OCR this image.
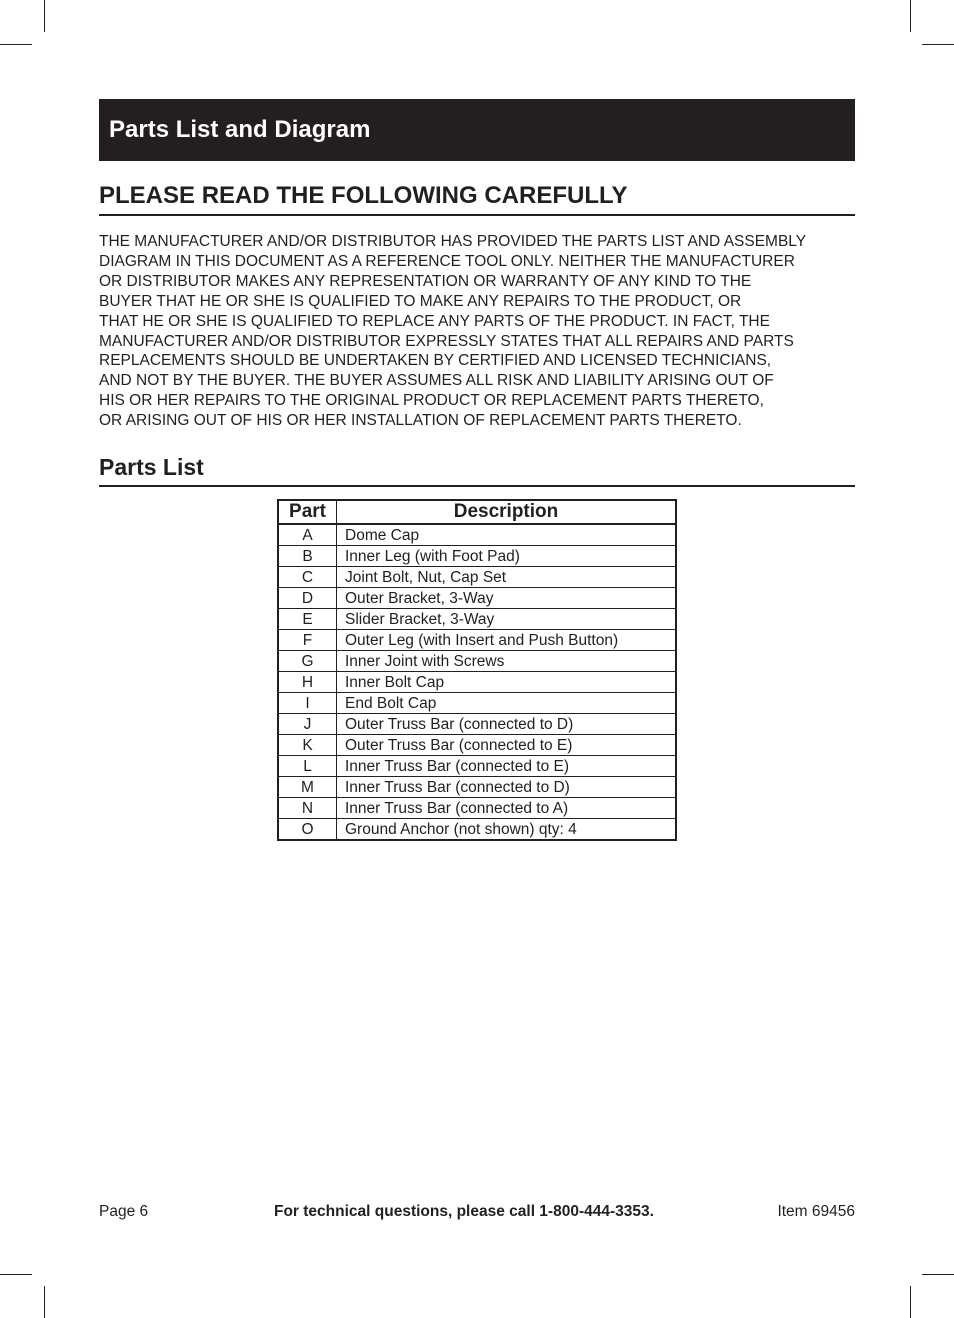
Parts List and Diagram
PLEASE READ THE FOLLOWING CAREFULLY

THE MANUFACTURER AND/OR DISTRIBUTOR HAS PROVIDED THE PARTS LIST AND ASSEMBLY
DIAGRAM IN THIS DOCUMENT AS A REFERENCE TOOL ONLY. NEITHER THE MANUFACTURER
OR DISTRIBUTOR MAKES ANY REPRESENTATION OR WARRANTY OF ANY KIND TO THE
BUYER THAT HE OR SHE IS QUALIFIED TO MAKE ANY REPAIRS TO THE PRODUCT, OR
THAT HE OR SHE IS QUALIFIED TO REPLACE ANY PARTS OF THE PRODUCT. IN FACT, THE
MANUFACTURER AND/OR DISTRIBUTOR EXPRESSLY STATES THAT ALL REPAIRS AND PARTS
REPLACEMENTS SHOULD BE UNDERTAKEN BY CERTIFIED AND LICENSED TECHNICIANS,
AND NOT BY THE BUYER. THE BUYER ASSUMES ALL RISK AND LIABILITY ARISING OUT OF
HIS OR HER REPAIRS TO THE ORIGINAL PRODUCT OR REPLACEMENT PARTS THERETO,
OR ARISING OUT OF HIS OR HER INSTALLATION OF REPLACEMENT PARTS THERETO.

Parts List
Part	Description
A	Dome Cap
B	Inner Leg (with Foot Pad)
C	Joint Bolt, Nut, Cap Set
D	Outer Bracket, 3-Way
E	Slider Bracket, 3-Way
F	Outer Leg (with Insert and Push Button)
G	Inner Joint with Screws
H	Inner Bolt Cap
I	End Bolt Cap
J	Outer Truss Bar (connected to D)
K	Outer Truss Bar (connected to E)
L	Inner Truss Bar (connected to E)
M	Inner Truss Bar (connected to D)
N	Inner Truss Bar (connected to A)
O	Ground Anchor (not shown) qty: 4
Page 6	For technical questions, please call 1-800-444-3353.	Item 69456
